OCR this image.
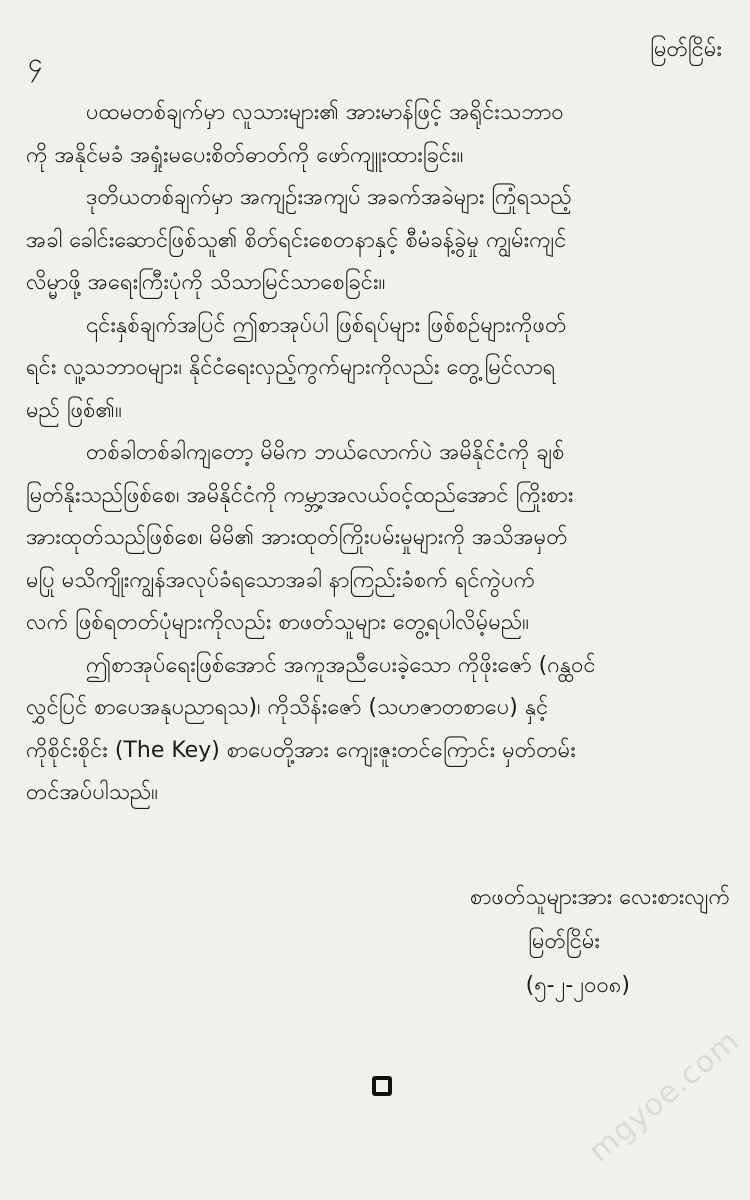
၄	မြတ်ငြိမ်း
ပထမတစ်ချက်မှာ လူသားများ၏ အားမာန်ဖြင့် အရိုင်းသဘာဝ
ကို အနိုင်မခံ အရှုံးမပေးစိတ်ဓာတ်ကို ဖော်ကျူးထားခြင်း။
ဒုတိယတစ်ချက်မှာ အကျဉ်းအကျပ် အခက်အခဲများ ကြုံရသည့်
အခါ ခေါင်းဆောင်ဖြစ်သူ၏ စိတ်ရင်းစေတနာနှင့် စီမံခန့်ခွဲမှု ကျွမ်းကျင်
လိမ္မာဖို့ အရေးကြီးပုံကို သိသာမြင်သာစေခြင်း။
၎င်းနှစ်ချက်အပြင် ဤစာအုပ်ပါ ဖြစ်ရပ်များ ဖြစ်စဉ်များကိုဖတ်
ရင်း လူ့သဘာဝများ၊ နိုင်ငံရေးလှည့်ကွက်များကိုလည်း တွေ့မြင်လာရ
မည် ဖြစ်၏။
တစ်ခါတစ်ခါကျတော့ မိမိက ဘယ်လောက်ပဲ အမိနိုင်ငံကို ချစ်
မြတ်နိုးသည်ဖြစ်စေ၊ အမိနိုင်ငံကို ကမ္ဘာ့အလယ်ဝင့်ထည်အောင် ကြိုးစား
အားထုတ်သည်ဖြစ်စေ၊ မိမိ၏ အားထုတ်ကြိုးပမ်းမှုများကို အသိအမှတ်
မပြု မသိကျိုးကျွန်အလုပ်ခံရသောအခါ နာကြည်းခံစက် ရင်ကွဲပက်
လက် ဖြစ်ရတတ်ပုံများကိုလည်း စာဖတ်သူများ တွေ့ရပါလိမ့်မည်။
ဤစာအုပ်ရေးဖြစ်အောင် အကူအညီပေးခဲ့သော ကိုဖိုးဇော် (ဂန္ထဝင်
လွှင်ပြင် စာပေအနုပညာရသ)၊ ကိုသိန်းဇော် (သဟဇာတစာပေ) နှင့်
ကိုစိုင်းစိုင်း (The Key) စာပေတို့အား ကျေးဇူးတင်ကြောင်း မှတ်တမ်း
တင်အပ်ပါသည်။
စာဖတ်သူများအား လေးစားလျက်
မြတ်ငြိမ်း
(၅-၂-၂၀၀၈)
mgyoe.com
